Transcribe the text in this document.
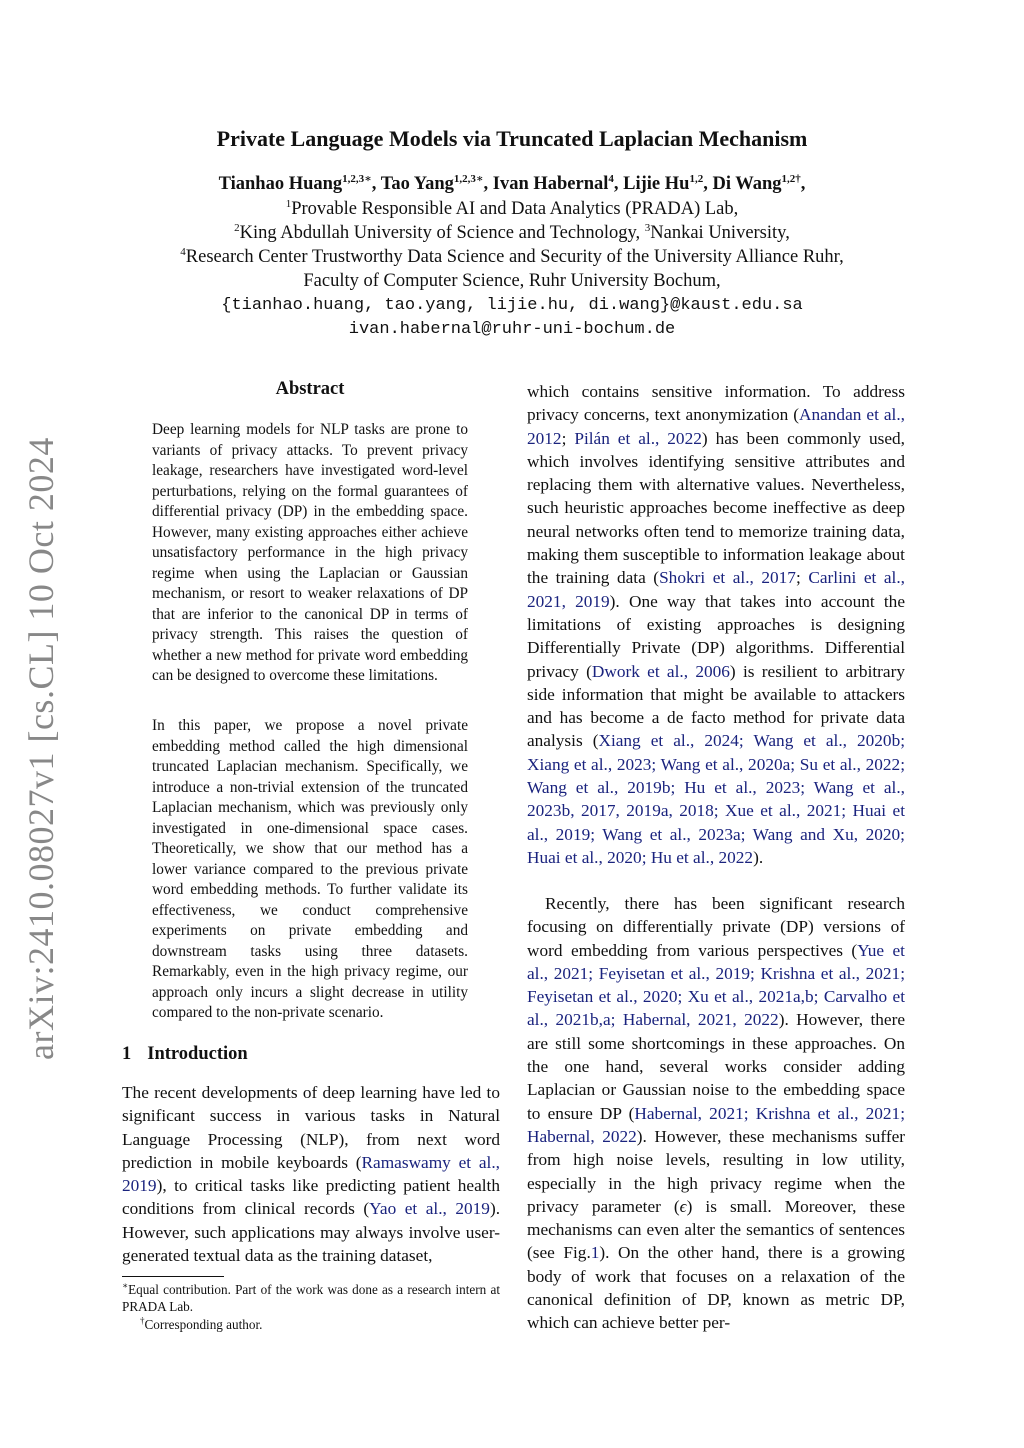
arXiv:2410.08027v1 [cs.CL] 10 Oct 2024
Private Language Models via Truncated Laplacian Mechanism
Tianhao Huang$^{1,2,3∗}$, Tao Yang$^{1,2,3∗}$, Ivan Habernal$^4$, Lijie Hu$^{1,2}$, Di Wang$^{1,2\dagger}$,
$^1$Provable Responsible AI and Data Analytics (PRADA) Lab,
$^2$King Abdullah University of Science and Technology, $^3$Nankai University,
$^4$Research Center Trustworthy Data Science and Security of the University Alliance Ruhr,
Faculty of Computer Science, Ruhr University Bochum,
{tianhao.huang, tao.yang, lijie.hu, di.wang}@kaust.edu.sa
ivan.habernal@ruhr-uni-bochum.de
Abstract

Deep learning models for NLP tasks are prone to variants of privacy attacks. To prevent privacy leakage, researchers have investigated word-level perturbations, relying on the formal guarantees of differential privacy (DP) in the embedding space. However, many existing approaches either achieve unsatisfactory performance in the high privacy regime when using the Laplacian or Gaussian mechanism, or resort to weaker relaxations of DP that are inferior to the canonical DP in terms of privacy strength. This raises the question of whether a new method for private word embedding can be designed to overcome these limitations.

In this paper, we propose a novel private embedding method called the high dimensional truncated Laplacian mechanism. Specifically, we introduce a non-trivial extension of the truncated Laplacian mechanism, which was previously only investigated in one-dimensional space cases. Theoretically, we show that our method has a lower variance compared to the previous private word embedding methods. To further validate its effectiveness, we conduct comprehensive experiments on private embedding and downstream tasks using three datasets. Remarkably, even in the high privacy regime, our approach only incurs a slight decrease in utility compared to the non-private scenario.

1 Introduction

The recent developments of deep learning have led to significant success in various tasks in Natural Language Processing (NLP), from next word prediction in mobile keyboards (Ramaswamy et al., 2019), to critical tasks like predicting patient health conditions from clinical records (Yao et al., 2019). However, such applications may always involve user-generated textual data as the training dataset,

∗Equal contribution. Part of the work was done as a research intern at PRADA Lab.

†Corresponding author.

which contains sensitive information. To address privacy concerns, text anonymization (Anandan et al., 2012; Pilán et al., 2022) has been commonly used, which involves identifying sensitive attributes and replacing them with alternative values. Nevertheless, such heuristic approaches become ineffective as deep neural networks often tend to memorize training data, making them susceptible to information leakage about the training data (Shokri et al., 2017; Carlini et al., 2021, 2019). One way that takes into account the limitations of existing approaches is designing Differentially Private (DP) algorithms. Differential privacy (Dwork et al., 2006) is resilient to arbitrary side information that might be available to attackers and has become a de facto method for private data analysis (Xiang et al., 2024; Wang et al., 2020b; Xiang et al., 2023; Wang et al., 2020a; Su et al., 2022; Wang et al., 2019b; Hu et al., 2023; Wang et al., 2023b, 2017, 2019a, 2018; Xue et al., 2021; Huai et al., 2019; Wang et al., 2023a; Wang and Xu, 2020; Huai et al., 2020; Hu et al., 2022).

Recently, there has been significant research focusing on differentially private (DP) versions of word embedding from various perspectives (Yue et al., 2021; Feyisetan et al., 2019; Krishna et al., 2021; Feyisetan et al., 2020; Xu et al., 2021a,b; Carvalho et al., 2021b,a; Habernal, 2021, 2022). However, there are still some shortcomings in these approaches. On the one hand, several works consider adding Laplacian or Gaussian noise to the embedding space to ensure DP (Habernal, 2021; Krishna et al., 2021; Habernal, 2022). However, these mechanisms suffer from high noise levels, resulting in low utility, especially in the high privacy regime when the privacy parameter (ϵ) is small. Moreover, these mechanisms can even alter the semantics of sentences (see Fig.1). On the other hand, there is a growing body of work that focuses on a relaxation of the canonical definition of DP, known as metric DP, which can achieve better per-
